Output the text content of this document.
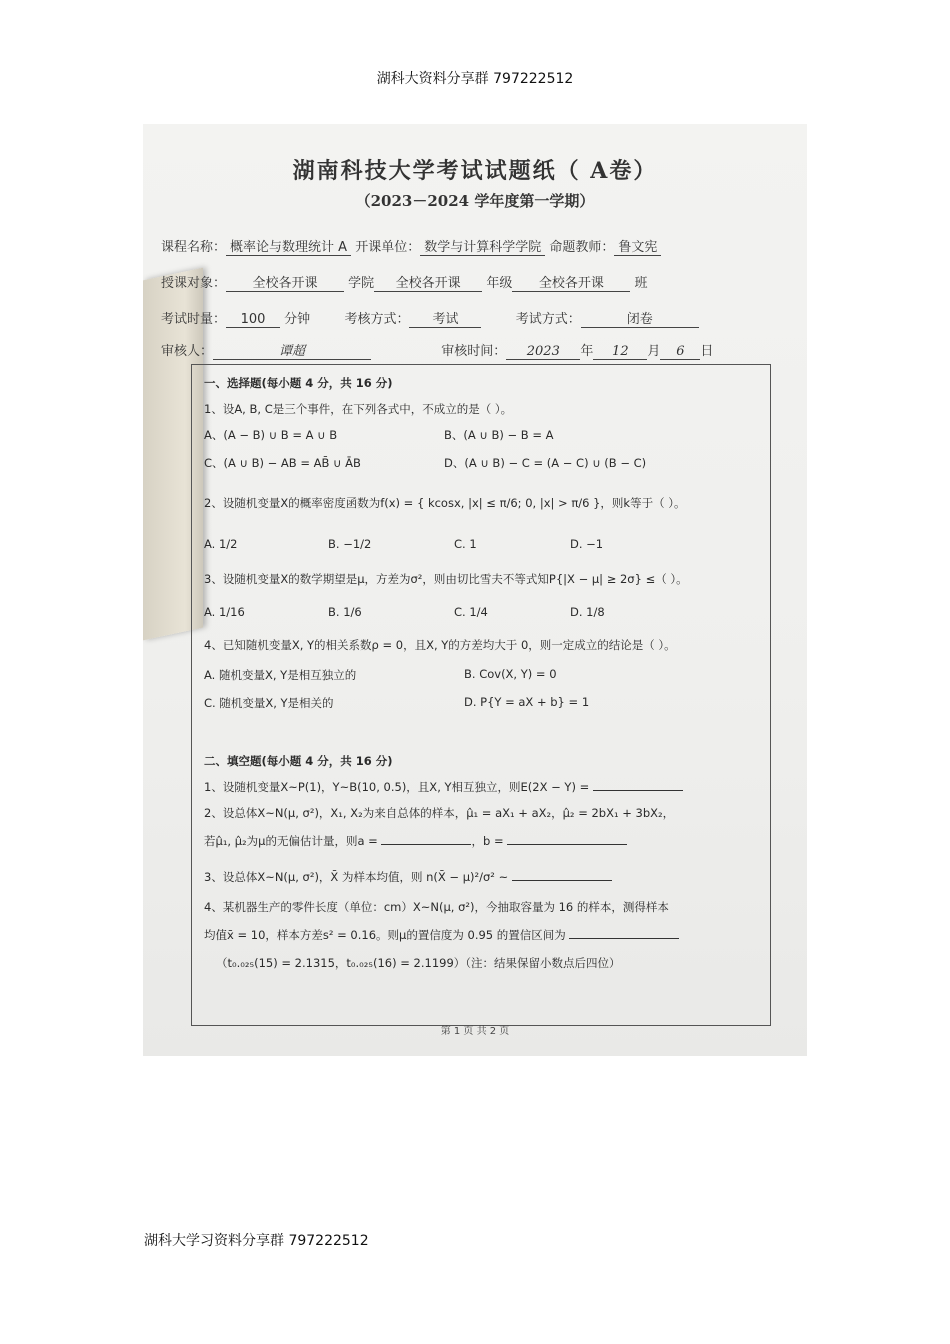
湖科大资料分享群 797222512
湖南科技大学考试试题纸（ A卷）
（2023－2024 学年度第一学期）
课程名称： 概率论与数理统计 A 开课单位： 数学与计算科学学院 命题教师： 鲁文宪
授课对象： 全校各开课 学院 全校各开课 年级 全校各开课 班
考试时量： 100 分钟	考核方式： 考试	考试方式：	闭卷
审核人：	谭超	审核时间： 2023 年 12 月 6 日
一、选择题(每小题 4 分，共 16 分)
1、设A, B, C是三个事件，在下列各式中，不成立的是（ ）。
A、(A − B) ∪ B = A ∪ B	B、(A ∪ B) − B = A
C、(A ∪ B) − AB = AB̄ ∪ ĀB	D、(A ∪ B) − C = (A − C) ∪ (B − C)
2、设随机变量X的概率密度函数为f(x) = { kcosx, |x| ≤ π/6; 0, |x| > π/6 }，则k等于（ ）。
A. 1/2	B. −1/2	C. 1	D. −1
3、设随机变量X的数学期望是μ，方差为σ²，则由切比雪夫不等式知P{|X − μ| ≥ 2σ} ≤（ ）。
A. 1/16	B. 1/6	C. 1/4	D. 1/8
4、已知随机变量X, Y的相关系数ρ = 0，且X, Y的方差均大于 0，则一定成立的结论是（ ）。
A. 随机变量X, Y是相互独立的	B. Cov(X, Y) = 0
C. 随机变量X, Y是相关的	D. P{Y = aX + b} = 1
二、填空题(每小题 4 分，共 16 分)
1、设随机变量X~P(1)，Y~B(10, 0.5)，且X, Y相互独立，则E(2X − Y) =
2、设总体X~N(μ, σ²)，X₁, X₂为来自总体的样本，μ̂₁ = aX₁ + aX₂，μ̂₂ = 2bX₁ + 3bX₂，
若μ̂₁, μ̂₂为μ的无偏估计量，则a =	，b =
3、设总体X~N(μ, σ²)，X̄ 为样本均值，则 n(X̄ − μ)²/σ² ~
4、某机器生产的零件长度（单位：cm）X~N(μ, σ²)，今抽取容量为 16 的样本，测得样本
均值x̄ = 10，样本方差s² = 0.16。则μ的置信度为 0.95 的置信区间为
（t₀.₀₂₅(15) = 2.1315，t₀.₀₂₅(16) = 2.1199）（注：结果保留小数点后四位）
第 1 页 共 2 页
湖科大学习资料分享群 797222512
